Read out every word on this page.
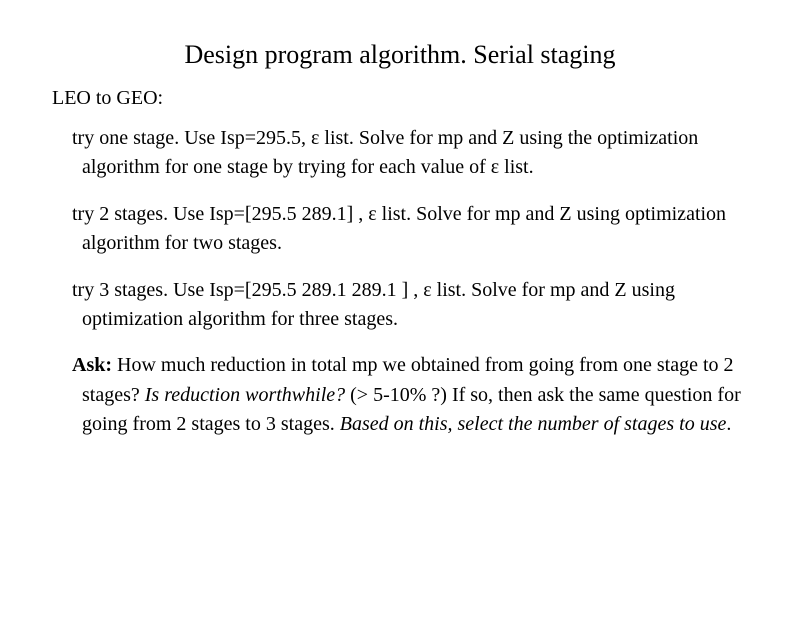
Design program algorithm. Serial staging
LEO to GEO:
try one stage. Use Isp=295.5, ε list. Solve for mp and Z using the optimization algorithm for one stage by trying for each value of ε list.
try 2 stages. Use Isp=[295.5 289.1] , ε list. Solve for mp and Z using optimization algorithm for two stages.
try 3 stages. Use Isp=[295.5 289.1 289.1 ] , ε list. Solve for mp and Z using optimization algorithm for three stages.
Ask: How much reduction in total mp we obtained from going from one stage to 2 stages? Is reduction worthwhile? (> 5-10% ?) If so, then ask the same question for going from 2 stages to 3 stages. Based on this, select the number of stages to use.
